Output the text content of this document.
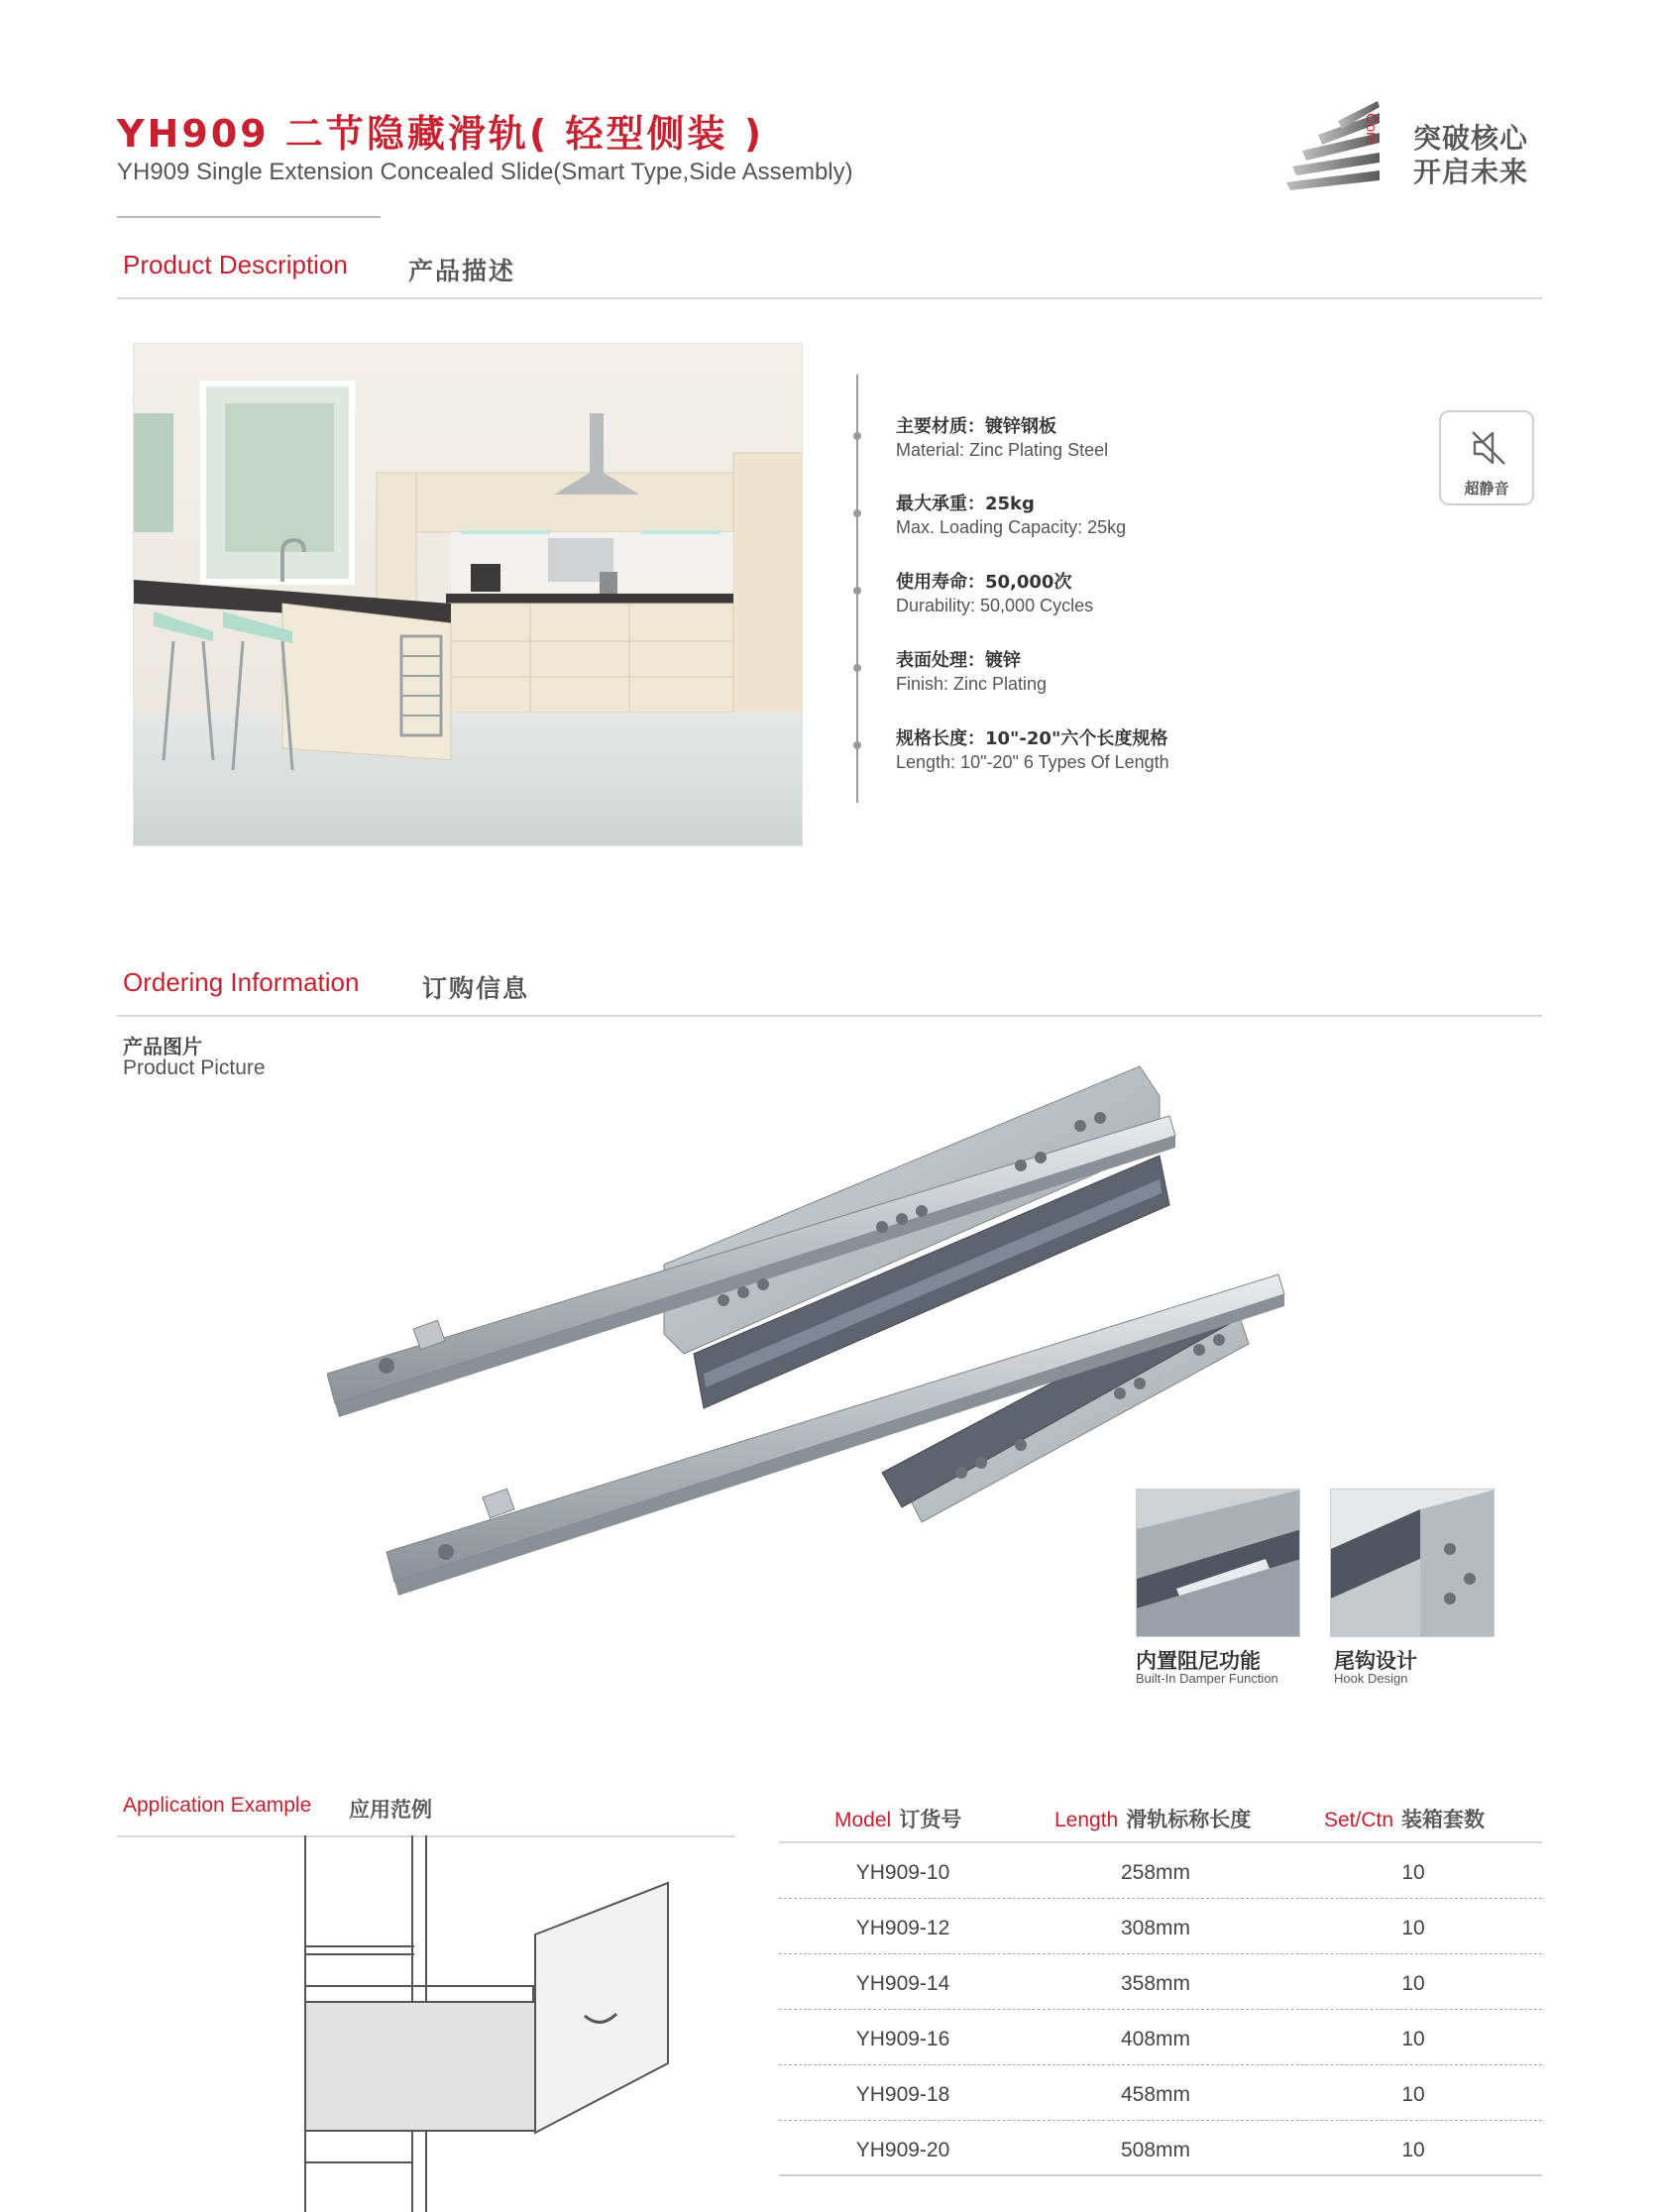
YH909 二节隐藏滑轨( 轻型侧装 )
YH909 Single Extension Concealed Slide(Smart Type,Side Assembly)
Core 突破核心
开启未来
Product Description 产品描述
主要材质：镀锌钢板
Material: Zinc Plating Steel
最大承重：25kg
Max. Loading Capacity: 25kg
使用寿命：50,000次
Durability: 50,000 Cycles
表面处理：镀锌
Finish: Zinc Plating
规格长度：10"-20"六个长度规格
Length: 10"-20" 6 Types Of Length
超静音
Ordering Information	订购信息
产品图片
Product Picture
内置阻尼功能
Built-In Damper Function
尾钩设计
Hook Design
Application Example 应用范例	Model 订货号	Length 滑轨标称长度	Set/Ctn 装箱套数
YH909-10	258mm	10
YH909-12	308mm	10
YH909-14	358mm	10
YH909-16	408mm	10
YH909-18	458mm	10
YH909-20	508mm	10
